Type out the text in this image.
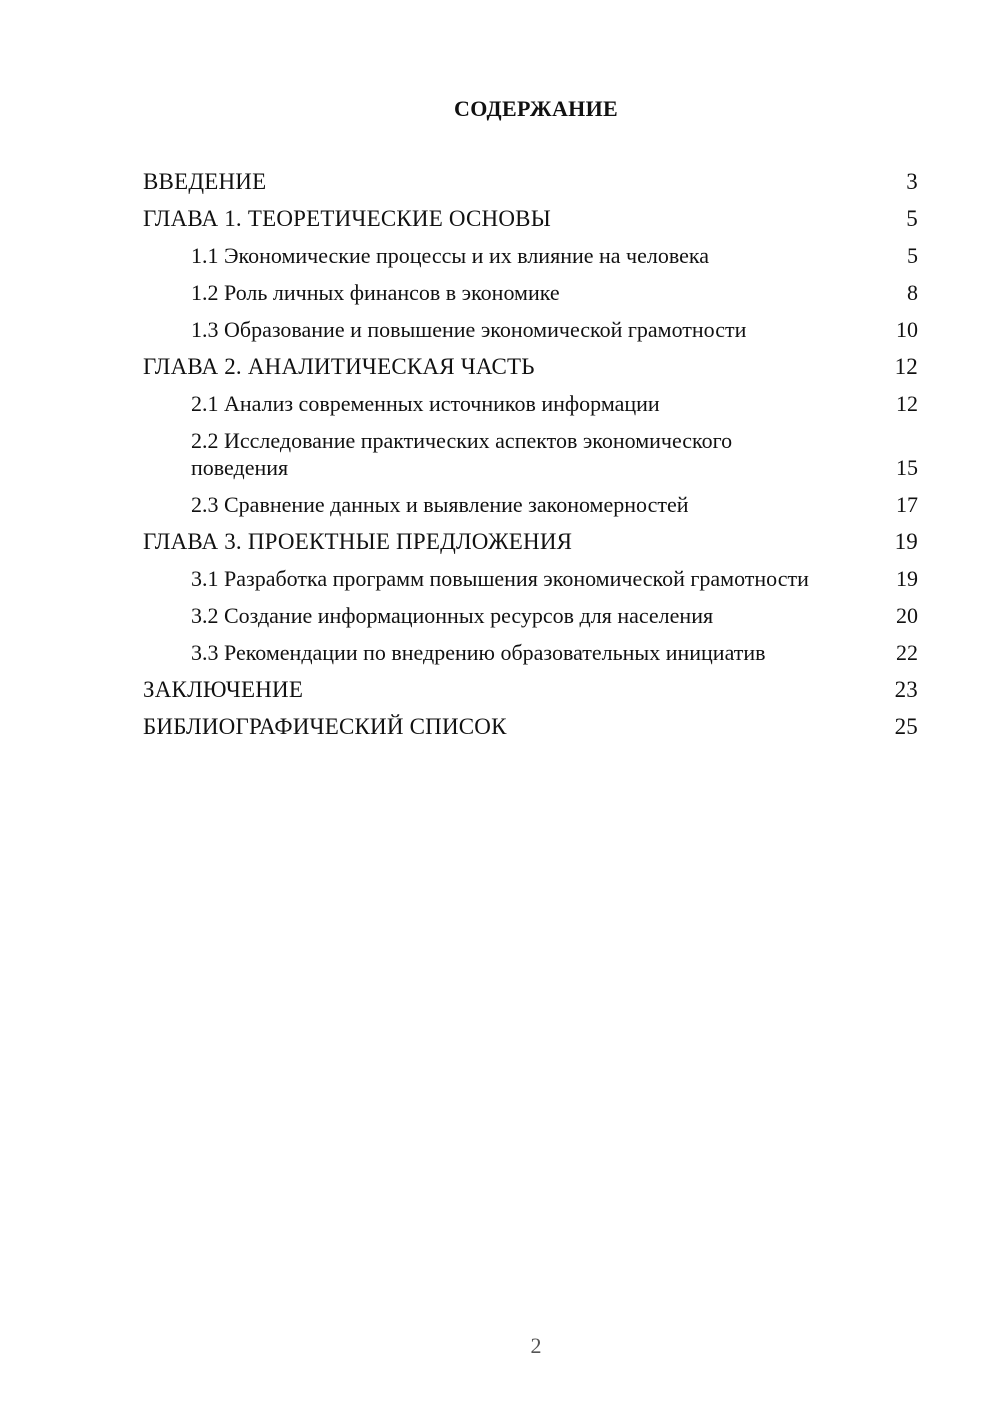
СОДЕРЖАНИЕ
ВВЕДЕНИЕ	3
ГЛАВА 1. ТЕОРЕТИЧЕСКИЕ ОСНОВЫ	5
1.1 Экономические процессы и их влияние на человека	5
1.2 Роль личных финансов в экономике	8
1.3 Образование и повышение экономической грамотности	10
ГЛАВА 2. АНАЛИТИЧЕСКАЯ ЧАСТЬ	12
2.1 Анализ современных источников информации	12
2.2 Исследование практических аспектов экономического поведения	15
2.3 Сравнение данных и выявление закономерностей	17
ГЛАВА 3. ПРОЕКТНЫЕ ПРЕДЛОЖЕНИЯ	19
3.1 Разработка программ повышения экономической грамотности	19
3.2 Создание информационных ресурсов для населения	20
3.3 Рекомендации по внедрению образовательных инициатив	22
ЗАКЛЮЧЕНИЕ	23
БИБЛИОГРАФИЧЕСКИЙ СПИСОК	25
2
